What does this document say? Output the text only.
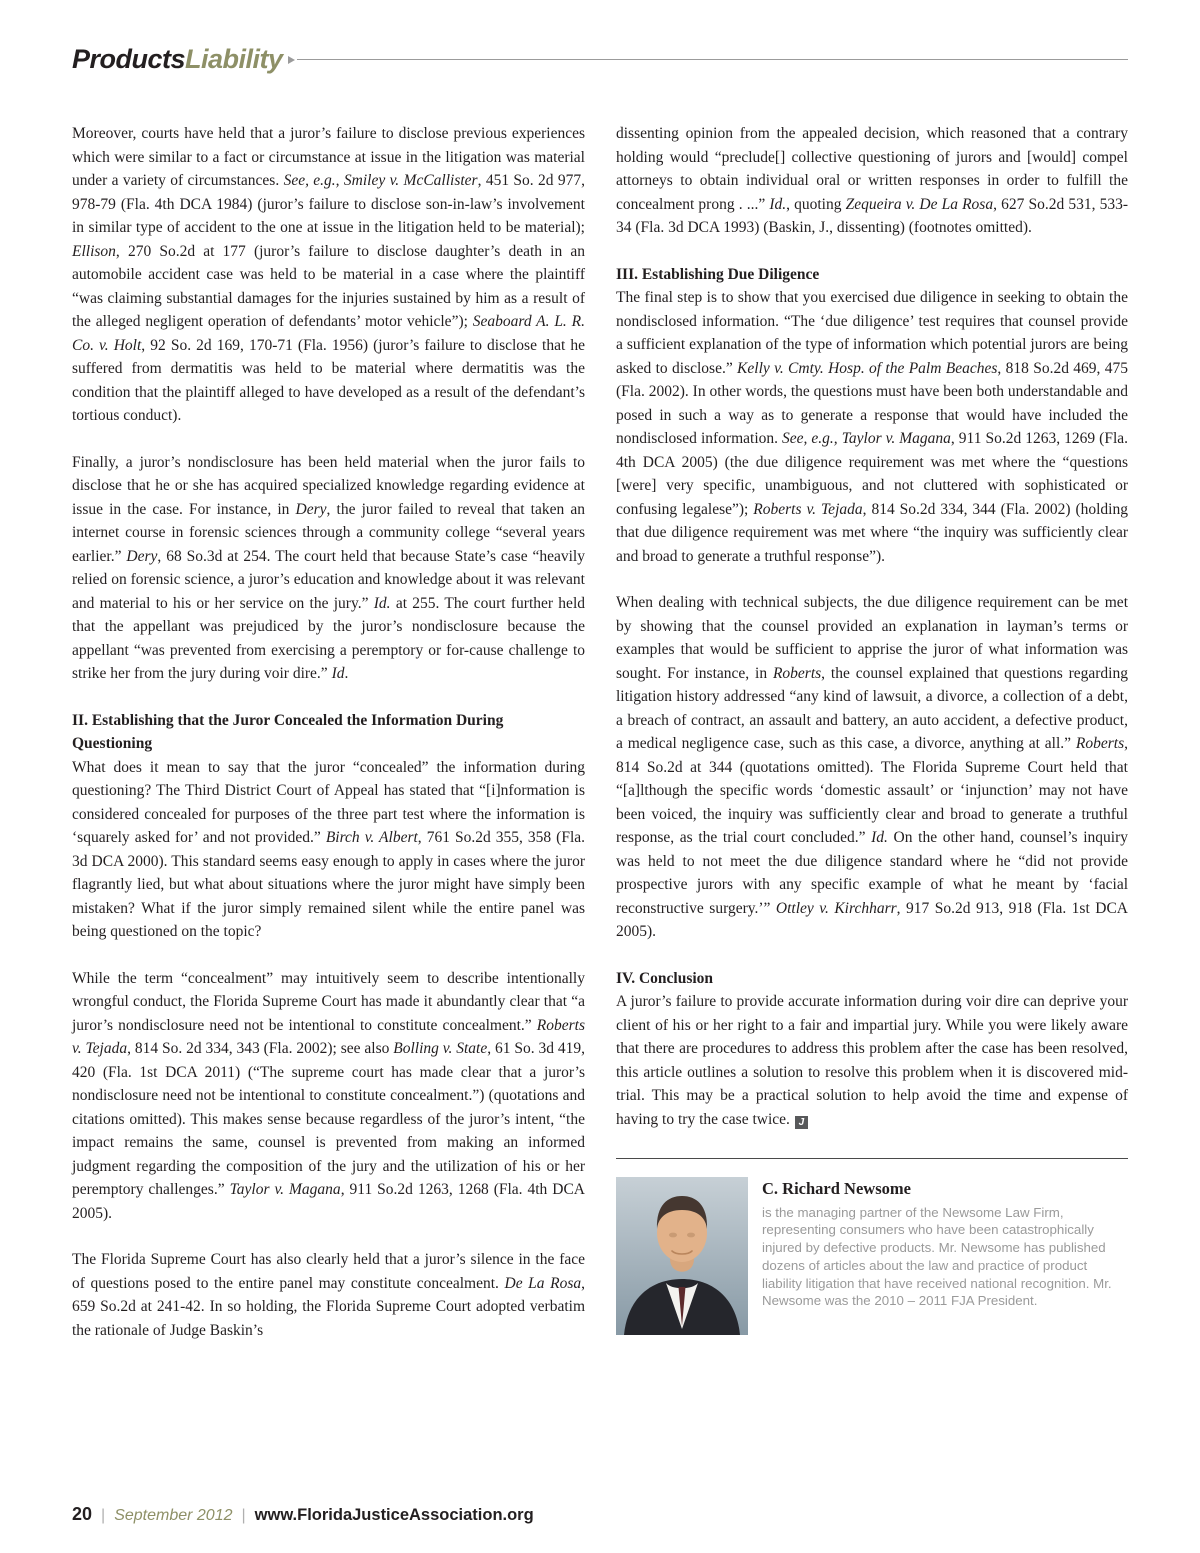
Products Liability

Moreover, courts have held that a juror’s failure to disclose previous experiences which were similar to a fact or circumstance at issue in the litigation was material under a variety of circumstances. See, e.g., Smiley v. McCallister, 451 So. 2d 977, 978-79 (Fla. 4th DCA 1984) (juror’s failure to disclose son-in-law’s involvement in similar type of accident to the one at issue in the litigation held to be material); Ellison, 270 So.2d at 177 (juror’s failure to disclose daughter’s death in an automobile accident case was held to be material in a case where the plaintiff “was claiming substantial damages for the injuries sustained by him as a result of the alleged negligent operation of defendants’ motor vehicle”); Seaboard A. L. R. Co. v. Holt, 92 So. 2d 169, 170-71 (Fla. 1956) (juror’s failure to disclose that he suffered from dermatitis was held to be material where dermatitis was the condition that the plaintiff alleged to have developed as a result of the defendant’s tortious conduct).

Finally, a juror’s nondisclosure has been held material when the juror fails to disclose that he or she has acquired specialized knowledge regarding evidence at issue in the case. For instance, in Dery, the juror failed to reveal that taken an internet course in forensic sciences through a community college “several years earlier.” Dery, 68 So.3d at 254. The court held that because State’s case “heavily relied on forensic science, a juror’s education and knowledge about it was relevant and material to his or her service on the jury.” Id. at 255. The court further held that the appellant was prejudiced by the juror’s nondisclosure because the appellant “was prevented from exercising a peremptory or for-cause challenge to strike her from the jury during voir dire.” Id.

II. Establishing that the Juror Concealed the Information During Questioning

What does it mean to say that the juror “concealed” the information during questioning? The Third District Court of Appeal has stated that “[i]nformation is considered concealed for purposes of the three part test where the information is ‘squarely asked for’ and not provided.” Birch v. Albert, 761 So.2d 355, 358 (Fla. 3d DCA 2000). This standard seems easy enough to apply in cases where the juror flagrantly lied, but what about situations where the juror might have simply been mistaken? What if the juror simply remained silent while the entire panel was being questioned on the topic?

While the term “concealment” may intuitively seem to describe intentionally wrongful conduct, the Florida Supreme Court has made it abundantly clear that “a juror’s nondisclosure need not be intentional to constitute concealment.” Roberts v. Tejada, 814 So. 2d 334, 343 (Fla. 2002); see also Bolling v. State, 61 So. 3d 419, 420 (Fla. 1st DCA 2011) (“The supreme court has made clear that a juror’s nondisclosure need not be intentional to constitute concealment.”) (quotations and citations omitted). This makes sense because regardless of the juror’s intent, “the impact remains the same, counsel is prevented from making an informed judgment regarding the composition of the jury and the utilization of his or her peremptory challenges.” Taylor v. Magana, 911 So.2d 1263, 1268 (Fla. 4th DCA 2005).

The Florida Supreme Court has also clearly held that a juror’s silence in the face of questions posed to the entire panel may constitute concealment. De La Rosa, 659 So.2d at 241-42. In so holding, the Florida Supreme Court adopted verbatim the rationale of Judge Baskin’s

dissenting opinion from the appealed decision, which reasoned that a contrary holding would “preclude[] collective questioning of jurors and [would] compel attorneys to obtain individual oral or written responses in order to fulfill the concealment prong . ...” Id., quoting Zequeira v. De La Rosa, 627 So.2d 531, 533-34 (Fla. 3d DCA 1993) (Baskin, J., dissenting) (footnotes omitted).

III. Establishing Due Diligence

The final step is to show that you exercised due diligence in seeking to obtain the nondisclosed information. “The ‘due diligence’ test requires that counsel provide a sufficient explanation of the type of information which potential jurors are being asked to disclose.” Kelly v. Cmty. Hosp. of the Palm Beaches, 818 So.2d 469, 475 (Fla. 2002). In other words, the questions must have been both understandable and posed in such a way as to generate a response that would have included the nondisclosed information. See, e.g., Taylor v. Magana, 911 So.2d 1263, 1269 (Fla. 4th DCA 2005) (the due diligence requirement was met where the “questions [were] very specific, unambiguous, and not cluttered with sophisticated or confusing legalese”); Roberts v. Tejada, 814 So.2d 334, 344 (Fla. 2002) (holding that due diligence requirement was met where “the inquiry was sufficiently clear and broad to generate a truthful response”).

When dealing with technical subjects, the due diligence requirement can be met by showing that the counsel provided an explanation in layman’s terms or examples that would be sufficient to apprise the juror of what information was sought. For instance, in Roberts, the counsel explained that questions regarding litigation history addressed “any kind of lawsuit, a divorce, a collection of a debt, a breach of contract, an assault and battery, an auto accident, a defective product, a medical negligence case, such as this case, a divorce, anything at all.” Roberts, 814 So.2d at 344 (quotations omitted). The Florida Supreme Court held that “[a]lthough the specific words ‘domestic assault’ or ‘injunction’ may not have been voiced, the inquiry was sufficiently clear and broad to generate a truthful response, as the trial court concluded.” Id. On the other hand, counsel’s inquiry was held to not meet the due diligence standard where he “did not provide prospective jurors with any specific example of what he meant by ‘facial reconstructive surgery.’” Ottley v. Kirchharr, 917 So.2d 913, 918 (Fla. 1st DCA 2005).

IV. Conclusion

A juror’s failure to provide accurate information during voir dire can deprive your client of his or her right to a fair and impartial jury. While you were likely aware that there are procedures to address this problem after the case has been resolved, this article outlines a solution to resolve this problem when it is discovered mid-trial. This may be a practical solution to help avoid the time and expense of having to try the case twice. J

C. Richard Newsome

is the managing partner of the Newsome Law Firm, representing consumers who have been catastrophically injured by defective products. Mr. Newsome has published dozens of articles about the law and practice of product liability litigation that have received national recognition. Mr. Newsome was the 2010 – 2011 FJA President.

20 | September 2012 | www.FloridaJusticeAssociation.org
